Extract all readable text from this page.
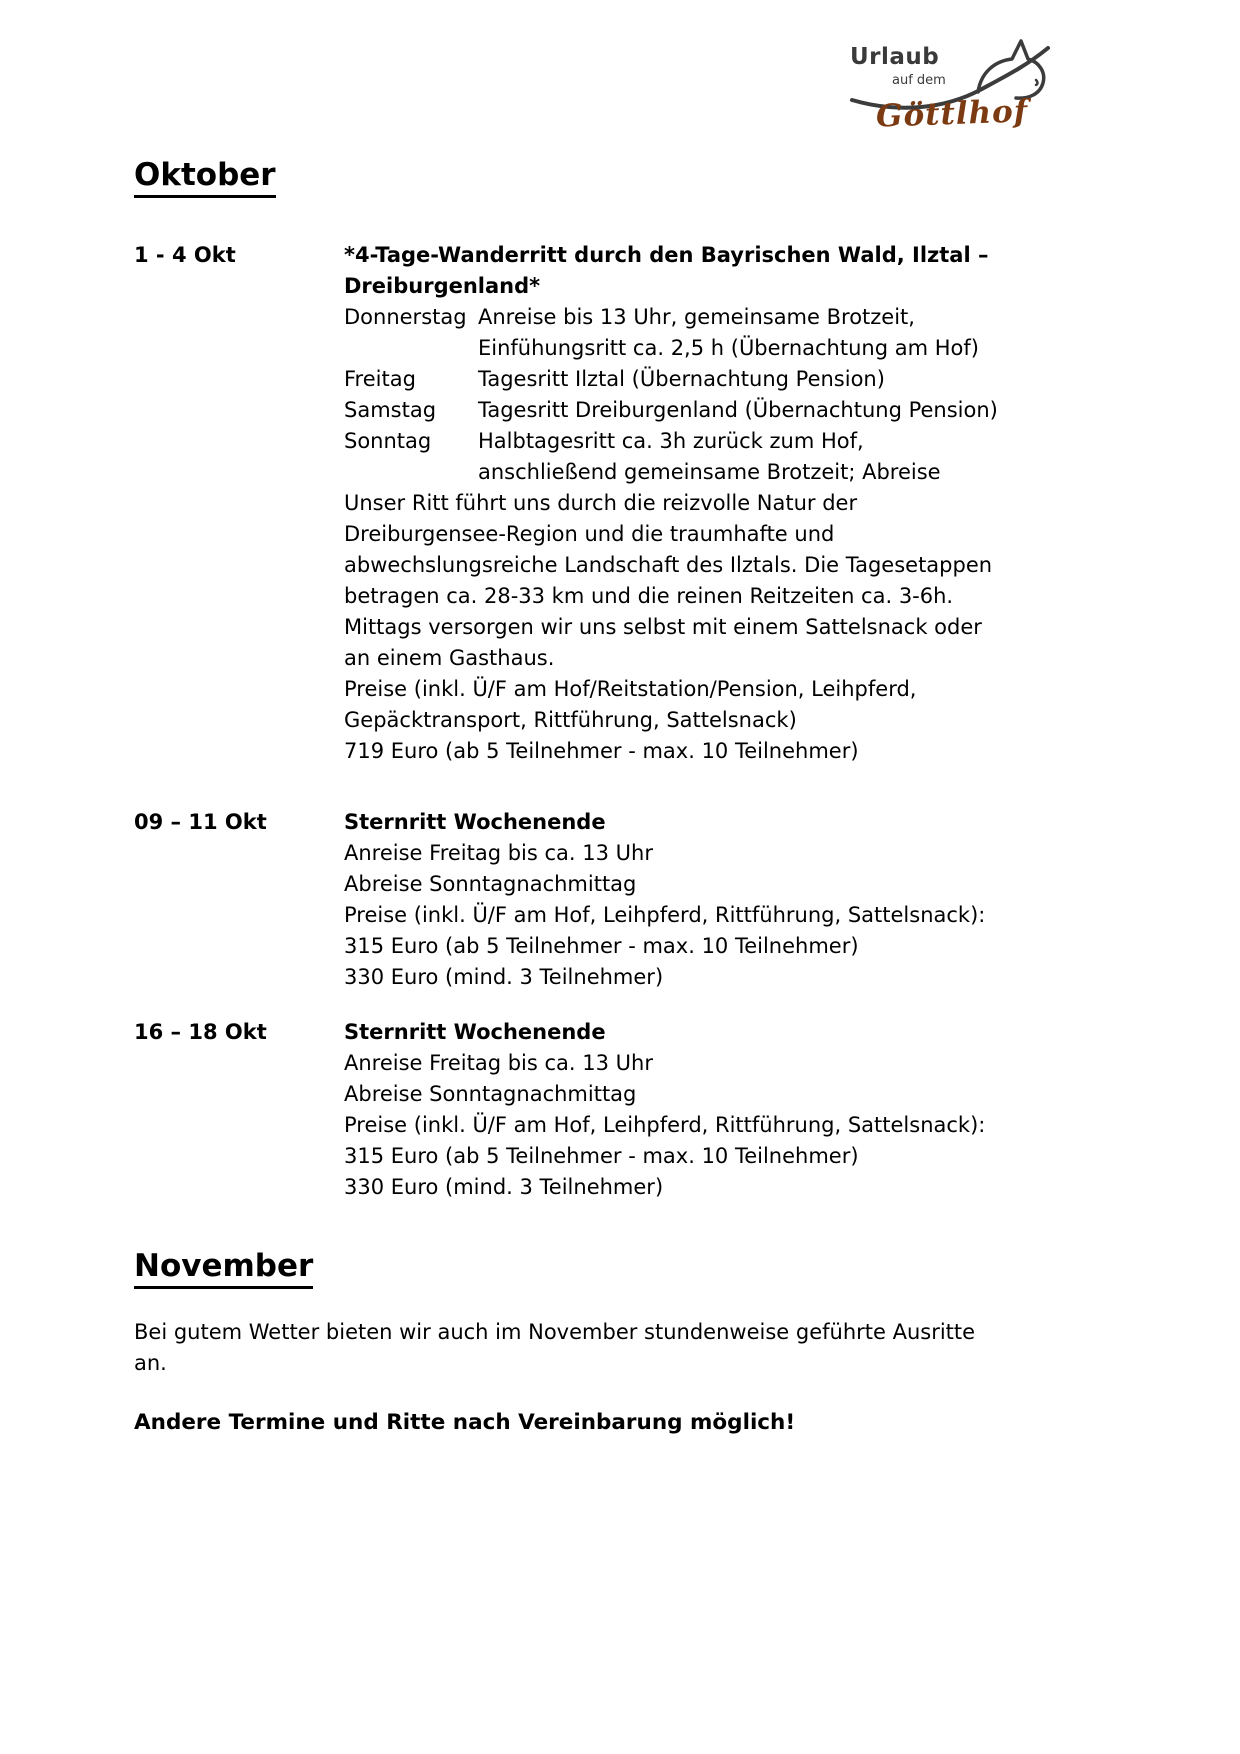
Urlaub
auf dem
Göttlhof
Oktober
1 - 4 Okt	*4-Tage-Wanderritt durch den Bayrischen Wald, Ilztal – Dreiburgenland*
Donnerstag Anreise bis 13 Uhr, gemeinsame Brotzeit, Einfühungsritt ca. 2,5 h (Übernachtung am Hof)
Freitag	Tagesritt Ilztal (Übernachtung Pension)
Samstag	Tagesritt Dreiburgenland (Übernachtung Pension)
Sonntag	Halbtagesritt ca. 3h zurück zum Hof, anschließend gemeinsame Brotzeit; Abreise

Unser Ritt führt uns durch die reizvolle Natur der Dreiburgensee-Region und die traumhafte und abwechslungsreiche Landschaft des Ilztals. Die Tagesetappen betragen ca. 28-33 km und die reinen Reitzeiten ca. 3-6h. Mittags versorgen wir uns selbst mit einem Sattelsnack oder an einem Gasthaus.

Preise (inkl. Ü/F am Hof/Reitstation/Pension, Leihpferd, Gepäcktransport, Rittführung, Sattelsnack)
719 Euro (ab 5 Teilnehmer - max. 10 Teilnehmer)
09 – 11 Okt	Sternritt Wochenende
Anreise Freitag bis ca. 13 Uhr
Abreise Sonntagnachmittag
Preise (inkl. Ü/F am Hof, Leihpferd, Rittführung, Sattelsnack):
315 Euro (ab 5 Teilnehmer - max. 10 Teilnehmer)
330 Euro (mind. 3 Teilnehmer)
16 – 18 Okt	Sternritt Wochenende
Anreise Freitag bis ca. 13 Uhr
Abreise Sonntagnachmittag
Preise (inkl. Ü/F am Hof, Leihpferd, Rittführung, Sattelsnack):
315 Euro (ab 5 Teilnehmer - max. 10 Teilnehmer)
330 Euro (mind. 3 Teilnehmer)
November

Bei gutem Wetter bieten wir auch im November stundenweise geführte Ausritte an.

Andere Termine und Ritte nach Vereinbarung möglich!
